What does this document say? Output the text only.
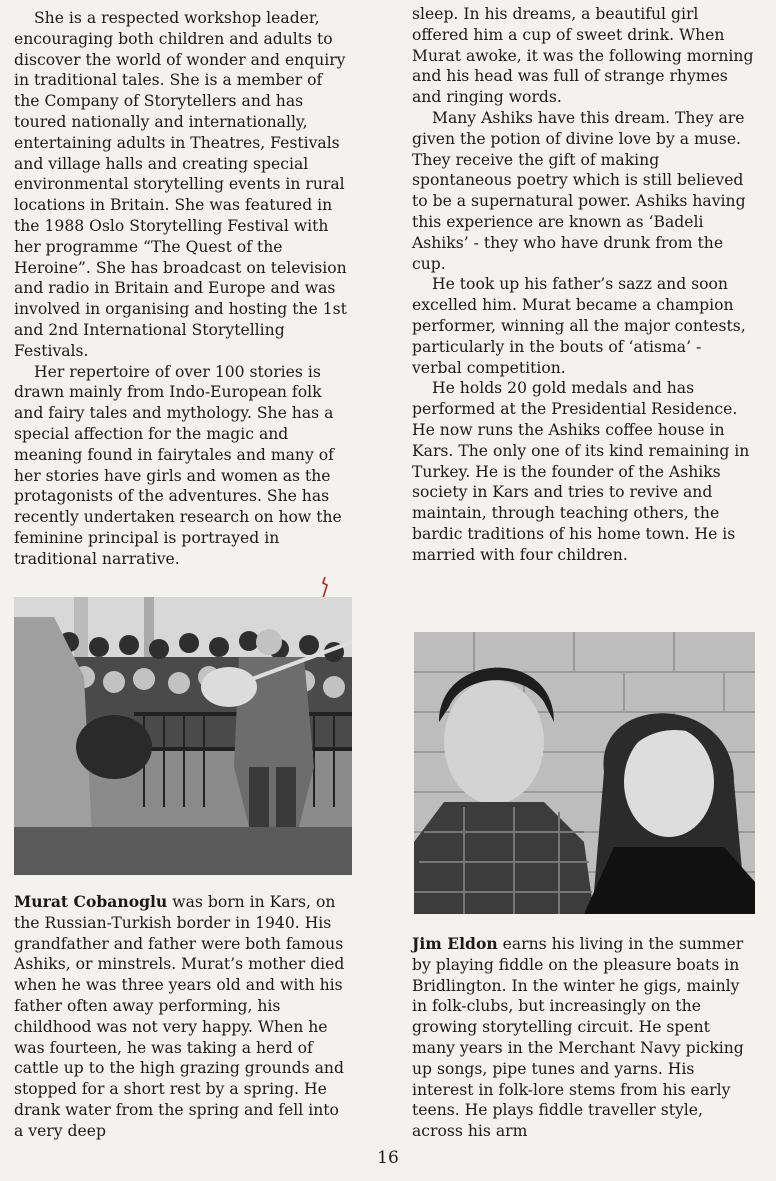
She is a respected workshop leader, encouraging both children and adults to discover the world of wonder and enquiry in traditional tales. She is a member of the Company of Storytellers and has toured nationally and internationally, entertaining adults in Theatres, Festivals and village halls and creating special environmental storytelling events in rural locations in Britain. She was featured in the 1988 Oslo Storytelling Festival with her programme “The Quest of the Heroine”. She has broadcast on television and radio in Britain and Europe and was involved in organising and hosting the 1st and 2nd International Storytelling Festivals.

Her repertoire of over 100 stories is drawn mainly from Indo-European folk and fairy tales and mythology. She has a special affection for the magic and meaning found in fairytales and many of her stories have girls and women as the protagonists of the adventures. She has recently undertaken research on how the feminine principal is portrayed in traditional narrative.

Murat Cobanoglu was born in Kars, on the Russian-Turkish border in 1940. His grandfather and father were both famous Ashiks, or minstrels. Murat’s mother died when he was three years old and with his father often away performing, his childhood was not very happy. When he was fourteen, he was taking a herd of cattle up to the high grazing grounds and stopped for a short rest by a spring. He drank water from the spring and fell into a very deep

sleep. In his dreams, a beautiful girl offered him a cup of sweet drink. When Murat awoke, it was the following morning and his head was full of strange rhymes and ringing words.

Many Ashiks have this dream. They are given the potion of divine love by a muse. They receive the gift of making spontaneous poetry which is still believed to be a supernatural power. Ashiks having this experience are known as ‘Badeli Ashiks’ - they who have drunk from the cup.

He took up his father’s sazz and soon excelled him. Murat became a champion performer, winning all the major contests, particularly in the bouts of ‘atisma’ - verbal competition.

He holds 20 gold medals and has performed at the Presidential Residence. He now runs the Ashiks coffee house in Kars. The only one of its kind remaining in Turkey. He is the founder of the Ashiks society in Kars and tries to revive and maintain, through teaching others, the bardic traditions of his home town. He is married with four children.

Jim Eldon earns his living in the summer by playing fiddle on the pleasure boats in Bridlington. In the winter he gigs, mainly in folk-clubs, but increasingly on the growing storytelling circuit. He spent many years in the Merchant Navy picking up songs, pipe tunes and yarns. His interest in folk-lore stems from his early teens. He plays fiddle traveller style, across his arm

16
